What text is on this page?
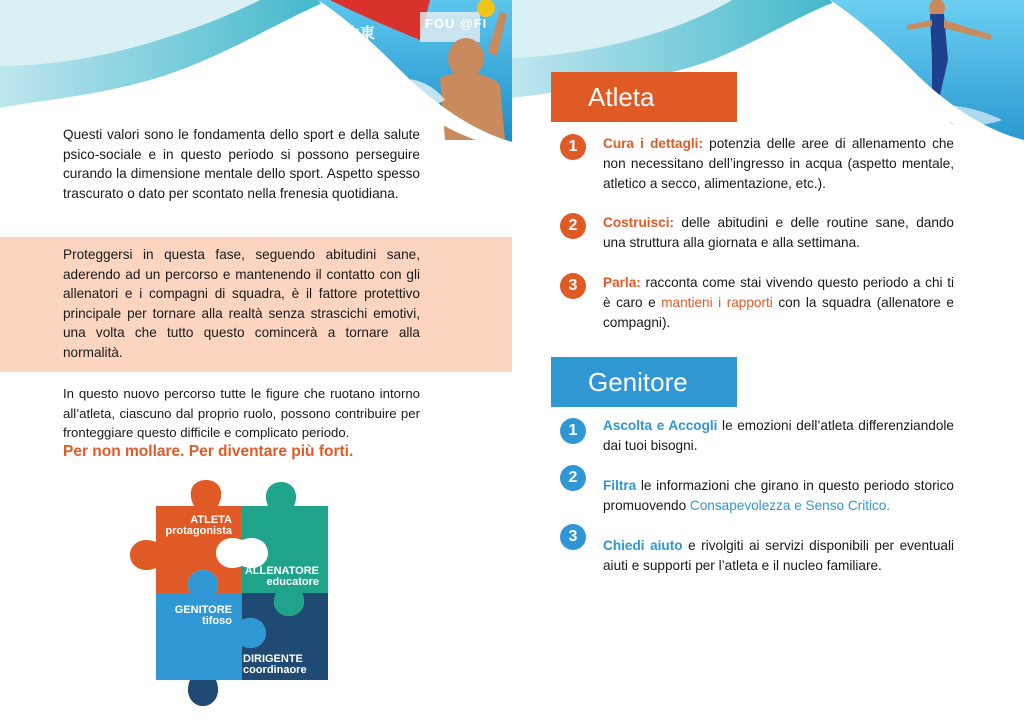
FOU @FI
山東

Questi valori sono le fondamenta dello sport e della salute psico-sociale e in questo periodo si possono perseguire curando la dimensione mentale dello sport. Aspetto spesso trascurato o dato per scontato nella frenesia quotidiana.

Proteggersi in questa fase, seguendo abitudini sane, aderendo ad un percorso e mantenendo il contatto con gli allenatori e i compagni di squadra, è il fattore protettivo principale per tornare alla realtà senza strascichi emotivi, una volta che tutto questo comincerà a tornare alla normalità.

In questo nuovo percorso tutte le figure che ruotano intorno all’atleta, ciascuno dal proprio ruolo, possono contribuire per fronteggiare questo difficile e complicato periodo.

Per non mollare. Per diventare più forti.

ATLETA
protagonista
ALLENATORE
educatore
GENITORE
tifoso
DIRIGENTE
coordinaore
Atleta
1	Cura i dettagli: potenzia delle aree di allenamento che non necessitano dell’ingresso in acqua (aspetto mentale, atletico a secco, alimentazione, etc.).

2	Costruisci: delle abitudini e delle routine sane, dando una struttura alla giornata e alla settimana.

3	Parla: racconta come stai vivendo questo periodo a chi ti è caro e mantieni i rapporti con la squadra (allenatore e compagni).

Genitore
1	Ascolta e Accogli le emozioni dell’atleta differenziandole dai tuoi bisogni.

2	Filtra le informazioni che girano in questo periodo storico promuovendo Consapevolezza e Senso Critico.

3

Chiedi aiuto e rivolgiti ai servizi disponibili per eventuali aiuti e supporti per l’atleta e il nucleo familiare.
